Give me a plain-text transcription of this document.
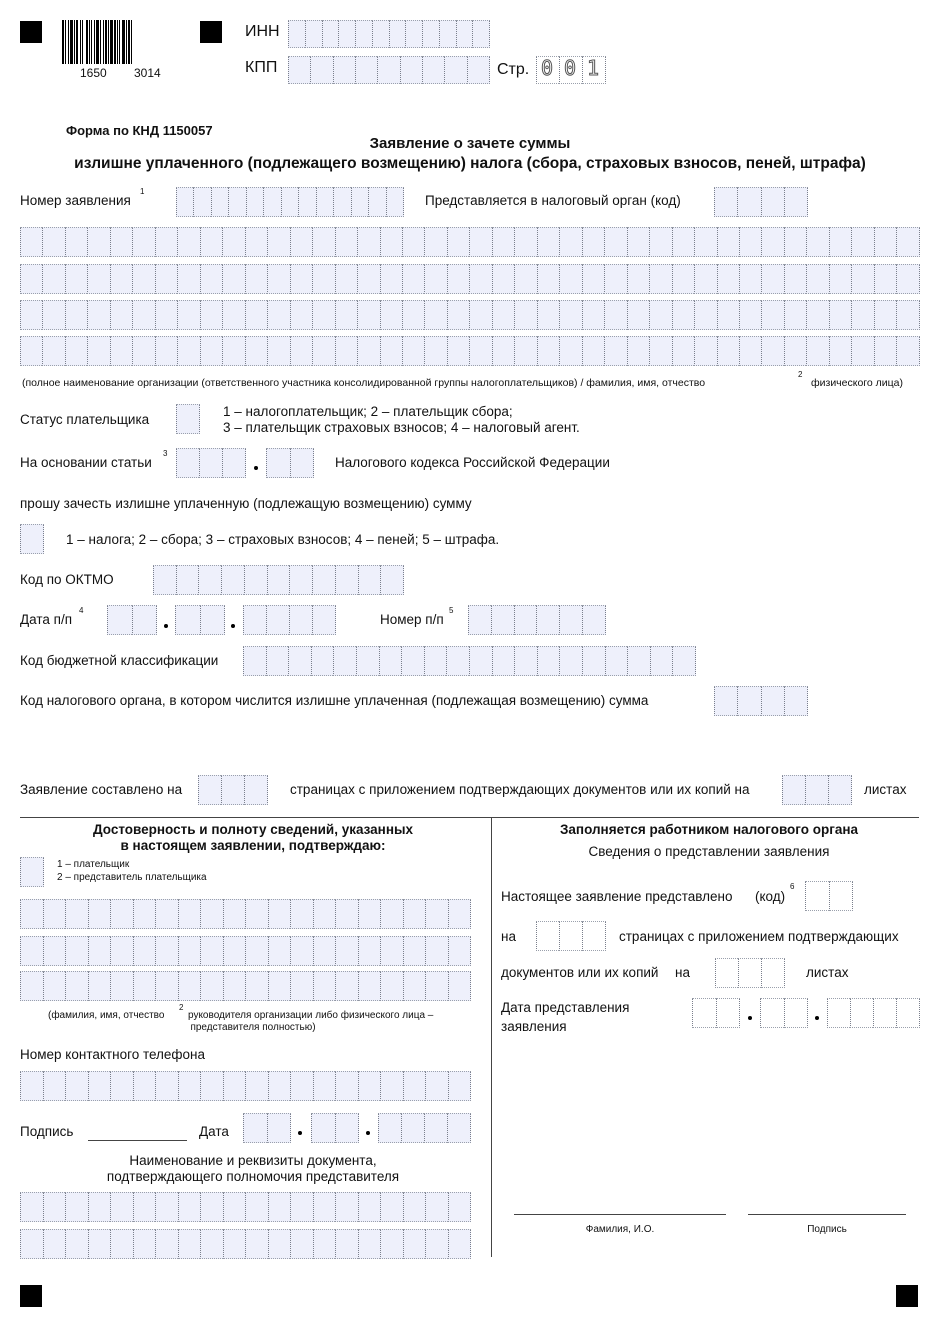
1650 3014
ИНН
КПП	Стр. 0 0 1
Форма по КНД 1150057
Заявление о зачете суммы
излишне уплаченного (подлежащего возмещению) налога (сбора, страховых взносов, пеней, штрафа)
Номер заявления
1
Представляется в налоговый орган (код)
(полное наименование организации (ответственного участника консолидированной группы налогоплательщиков) / фамилия, имя, отчество
2
физического лица)
Статус плательщика
1 – налогоплательщик; 2 – плательщик сбора;
3 – плательщик страховых взносов; 4 – налоговый агент.
На основании статьи
3
Налогового кодекса Российской Федерации
прошу зачесть излишне уплаченную (подлежащую возмещению) сумму
1 – налога; 2 – сбора; 3 – страховых взносов; 4 – пеней; 5 – штрафа.
Код по ОКТМО
Дата п/п
4
Номер п/п
5
Код бюджетной классификации
Код налогового органа, в котором числится излишне уплаченная (подлежащая возмещению) сумма
Заявление составлено на	страницах с приложением подтверждающих документов или их копий на	листах
Достоверность и полноту сведений, указанных
в настоящем заявлении, подтверждаю:
1 – плательщик
2 – представитель плательщика
(фамилия, имя, отчество
2
руководителя организации либо физического лица –
представителя полностью)
Номер контактного телефона
Подпись	Дата
Наименование и реквизиты документа,
подтверждающего полномочия представителя
Заполняется работником налогового органа
Сведения о представлении заявления
Настоящее заявление представлено (код)
6
на	страницах с приложением подтверждающих
документов или их копий на	листах
Дата представления
заявления
Фамилия, И.О.	Подпись
